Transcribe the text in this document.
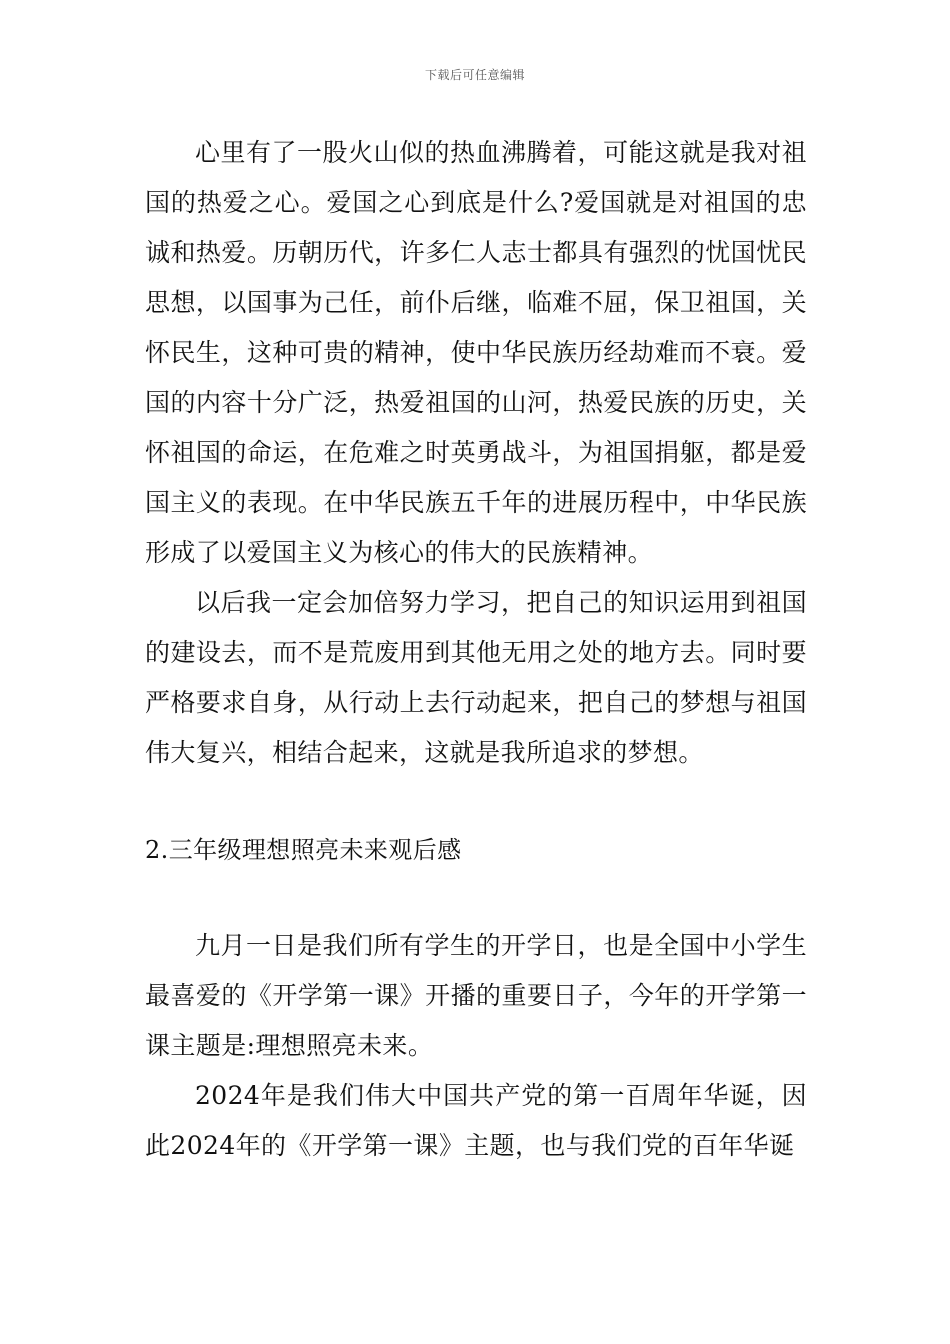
下载后可任意编辑

心里有了一股火山似的热血沸腾着，可能这就是我对祖国的热爱之心。爱国之心到底是什么?爱国就是对祖国的忠诚和热爱。历朝历代，许多仁人志士都具有强烈的忧国忧民思想，以国事为己任，前仆后继，临难不屈，保卫祖国，关怀民生，这种可贵的精神，使中华民族历经劫难而不衰。爱国的内容十分广泛，热爱祖国的山河，热爱民族的历史，关怀祖国的命运，在危难之时英勇战斗，为祖国捐躯，都是爱国主义的表现。在中华民族五千年的进展历程中，中华民族形成了以爱国主义为核心的伟大的民族精神。

以后我一定会加倍努力学习，把自己的知识运用到祖国的建设去，而不是荒废用到其他无用之处的地方去。同时要严格要求自身，从行动上去行动起来，把自己的梦想与祖国伟大复兴，相结合起来，这就是我所追求的梦想。

2.三年级理想照亮未来观后感

九月一日是我们所有学生的开学日，也是全国中小学生最喜爱的《开学第一课》开播的重要日子，今年的开学第一课主题是:理想照亮未来。

2024年是我们伟大中国共产党的第一百周年华诞，因此2024年的《开学第一课》主题，也与我们党的百年华诞
